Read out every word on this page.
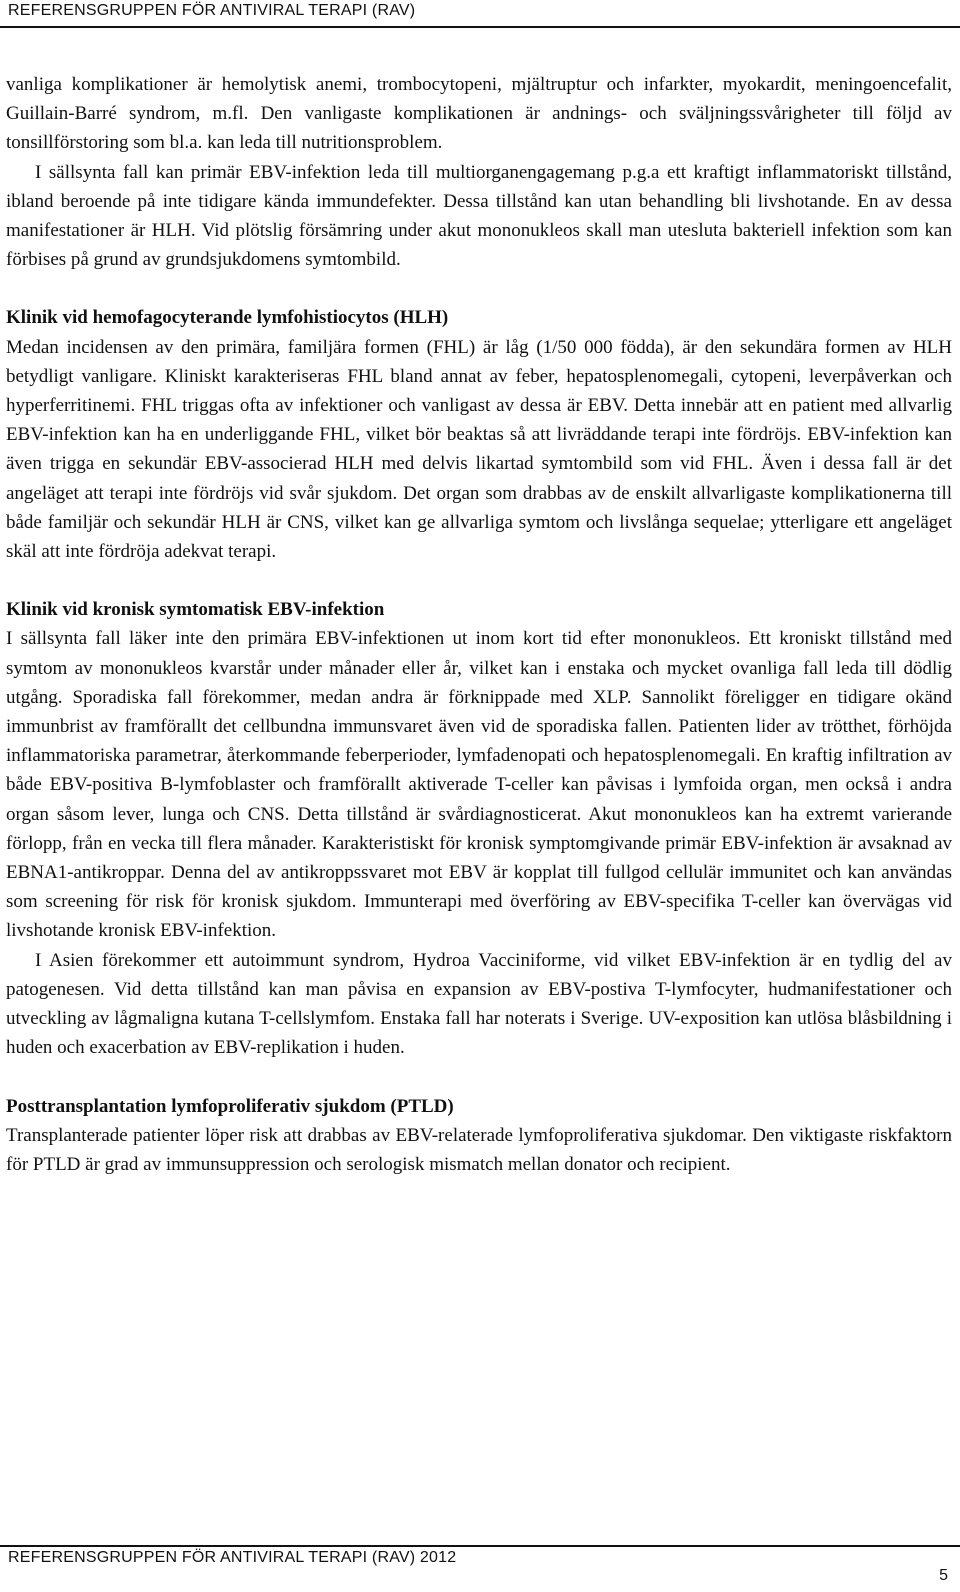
REFERENSGRUPPEN FÖR ANTIVIRAL TERAPI (RAV)

vanliga komplikationer är hemolytisk anemi, trombocytopeni, mjältruptur och infarkter, myokardit, meningoencefalit, Guillain-Barré syndrom, m.fl. Den vanligaste komplikationen är andnings- och sväljningssvårigheter till följd av tonsillförstoring som bl.a. kan leda till nutritionsproblem.

I sällsynta fall kan primär EBV-infektion leda till multiorganengagemang p.g.a ett kraftigt inflammatoriskt tillstånd, ibland beroende på inte tidigare kända immundefekter. Dessa tillstånd kan utan behandling bli livshotande. En av dessa manifestationer är HLH. Vid plötslig försämring under akut mononukleos skall man utesluta bakteriell infektion som kan förbises på grund av grundsjukdomens symtombild.

Klinik vid hemofagocyterande lymfohistiocytos (HLH)

Medan incidensen av den primära, familjära formen (FHL) är låg (1/50 000 födda), är den sekundära formen av HLH betydligt vanligare. Kliniskt karakteriseras FHL bland annat av feber, hepatosplenomegali, cytopeni, leverpåverkan och hyperferritinemi. FHL triggas ofta av infektioner och vanligast av dessa är EBV. Detta innebär att en patient med allvarlig EBV-infektion kan ha en underliggande FHL, vilket bör beaktas så att livräddande terapi inte fördröjs. EBV-infektion kan även trigga en sekundär EBV-associerad HLH med delvis likartad symtombild som vid FHL. Även i dessa fall är det angeläget att terapi inte fördröjs vid svår sjukdom. Det organ som drabbas av de enskilt allvarligaste komplikationerna till både familjär och sekundär HLH är CNS, vilket kan ge allvarliga symtom och livslånga sequelae; ytterligare ett angeläget skäl att inte fördröja adekvat terapi.

Klinik vid kronisk symtomatisk EBV-infektion

I sällsynta fall läker inte den primära EBV-infektionen ut inom kort tid efter mononukleos. Ett kroniskt tillstånd med symtom av mononukleos kvarstår under månader eller år, vilket kan i enstaka och mycket ovanliga fall leda till dödlig utgång. Sporadiska fall förekommer, medan andra är förknippade med XLP. Sannolikt föreligger en tidigare okänd immunbrist av framförallt det cellbundna immunsvaret även vid de sporadiska fallen. Patienten lider av trötthet, förhöjda inflammatoriska parametrar, återkommande feberperioder, lymfadenopati och hepatosplenomegali. En kraftig infiltration av både EBV-positiva B-lymfoblaster och framförallt aktiverade T-celler kan påvisas i lymfoida organ, men också i andra organ såsom lever, lunga och CNS. Detta tillstånd är svårdiagnosticerat. Akut mononukleos kan ha extremt varierande förlopp, från en vecka till flera månader. Karakteristiskt för kronisk symptomgivande primär EBV-infektion är avsaknad av EBNA1-antikroppar. Denna del av antikroppssvaret mot EBV är kopplat till fullgod cellulär immunitet och kan användas som screening för risk för kronisk sjukdom. Immunterapi med överföring av EBV-specifika T-celler kan övervägas vid livshotande kronisk EBV-infektion.

I Asien förekommer ett autoimmunt syndrom, Hydroa Vacciniforme, vid vilket EBV-infektion är en tydlig del av patogenesen. Vid detta tillstånd kan man påvisa en expansion av EBV-postiva T-lymfocyter, hudmanifestationer och utveckling av lågmaligna kutana T-cellslymfom. Enstaka fall har noterats i Sverige. UV-exposition kan utlösa blåsbildning i huden och exacerbation av EBV-replikation i huden.

Posttransplantation lymfoproliferativ sjukdom (PTLD)

Transplanterade patienter löper risk att drabbas av EBV-relaterade lymfoproliferativa sjukdomar. Den viktigaste riskfaktorn för PTLD är grad av immunsuppression och serologisk mismatch mellan donator och recipient.

REFERENSGRUPPEN FÖR ANTIVIRAL TERAPI (RAV) 2012
5
